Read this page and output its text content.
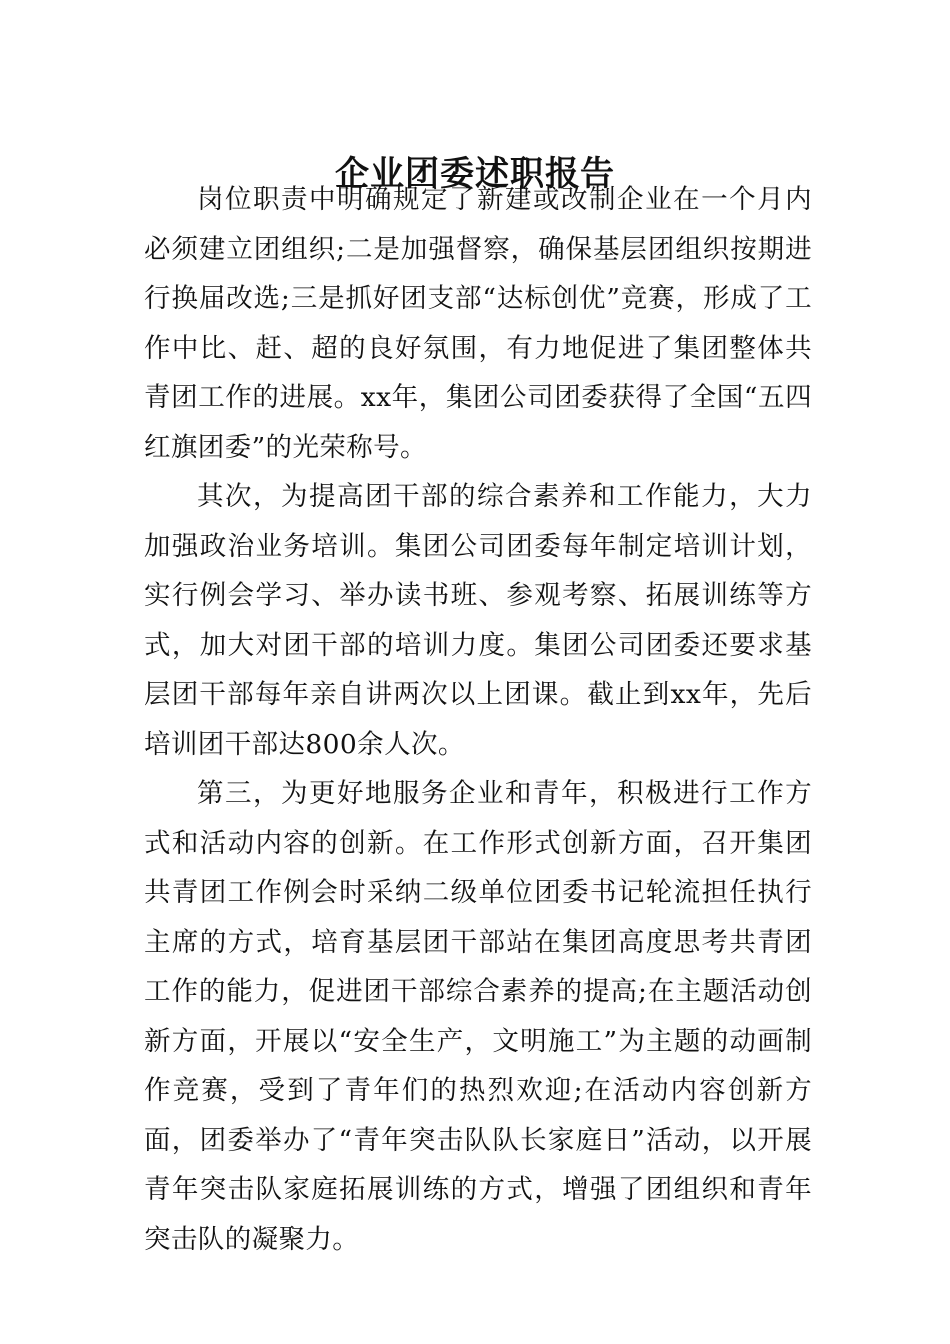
企业团委述职报告

岗位职责中明确规定了新建或改制企业在一个月内必须建立团组织;二是加强督察，确保基层团组织按期进行换届改选;三是抓好团支部“达标创优”竞赛，形成了工作中比、赶、超的良好氛围，有力地促进了集团整体共青团工作的进展。xx年，集团公司团委获得了全国“五四红旗团委”的光荣称号。

其次，为提高团干部的综合素养和工作能力，大力加强政治业务培训。集团公司团委每年制定培训计划，实行例会学习、举办读书班、参观考察、拓展训练等方式，加大对团干部的培训力度。集团公司团委还要求基层团干部每年亲自讲两次以上团课。截止到xx年，先后培训团干部达800余人次。

第三，为更好地服务企业和青年，积极进行工作方式和活动内容的创新。在工作形式创新方面，召开集团共青团工作例会时采纳二级单位团委书记轮流担任执行主席的方式，培育基层团干部站在集团高度思考共青团工作的能力，促进团干部综合素养的提高;在主题活动创新方面，开展以“安全生产，文明施工”为主题的动画制作竞赛，受到了青年们的热烈欢迎;在活动内容创新方面，团委举办了“青年突击队队长家庭日”活动，以开展青年突击队家庭拓展训练的方式，增强了团组织和青年突击队的凝聚力。
